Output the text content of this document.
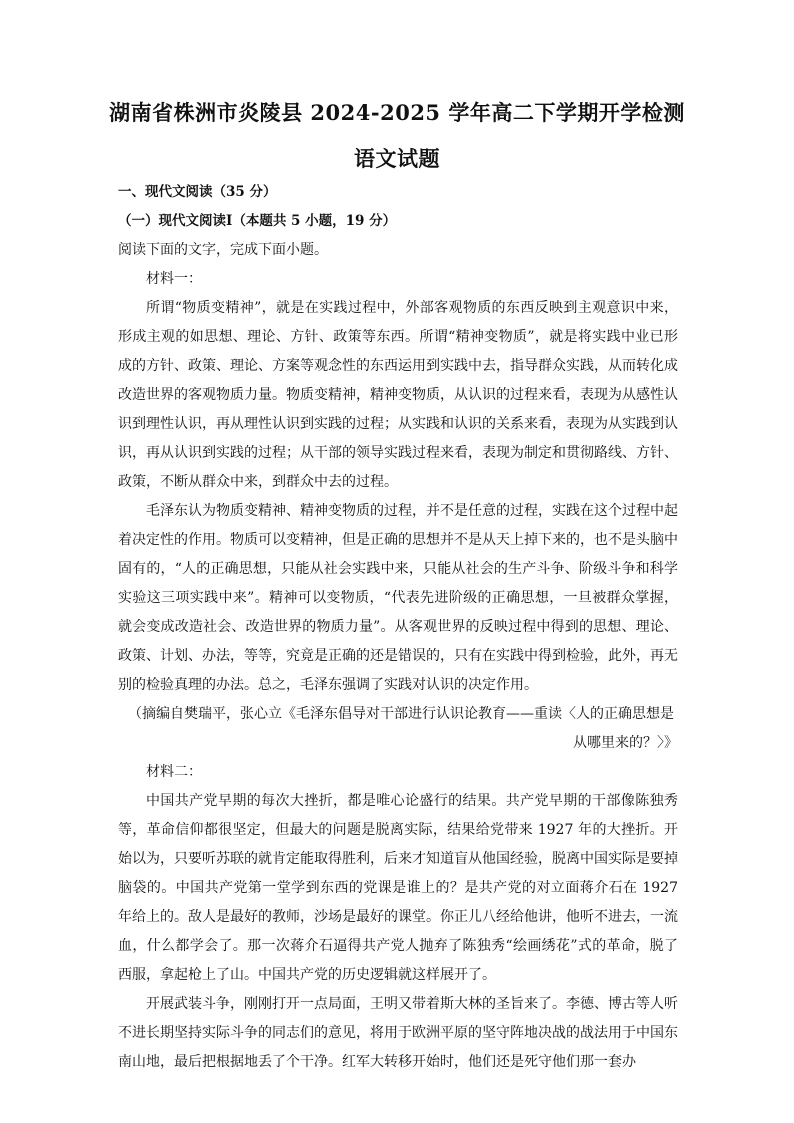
湖南省株洲市炎陵县 2024-2025 学年高二下学期开学检测
语文试题

一、现代文阅读（35 分）

（一）现代文阅读Ⅰ（本题共 5 小题，19 分）

阅读下面的文字，完成下面小题。

材料一：

所谓“物质变精神”，就是在实践过程中，外部客观物质的东西反映到主观意识中来，形成主观的如思想、理论、方针、政策等东西。所谓“精神变物质”，就是将实践中业已形成的方针、政策、理论、方案等观念性的东西运用到实践中去，指导群众实践，从而转化成改造世界的客观物质力量。物质变精神，精神变物质，从认识的过程来看，表现为从感性认识到理性认识，再从理性认识到实践的过程；从实践和认识的关系来看，表现为从实践到认识，再从认识到实践的过程；从干部的领导实践过程来看，表现为制定和贯彻路线、方针、政策，不断从群众中来，到群众中去的过程。

毛泽东认为物质变精神、精神变物质的过程，并不是任意的过程，实践在这个过程中起着决定性的作用。物质可以变精神，但是正确的思想并不是从天上掉下来的，也不是头脑中固有的，“人的正确思想，只能从社会实践中来，只能从社会的生产斗争、阶级斗争和科学实验这三项实践中来”。精神可以变物质，“代表先进阶级的正确思想，一旦被群众掌握，就会变成改造社会、改造世界的物质力量”。从客观世界的反映过程中得到的思想、理论、政策、计划、办法，等等，究竟是正确的还是错误的，只有在实践中得到检验，此外，再无别的检验真理的办法。总之，毛泽东强调了实践对认识的决定作用。

（摘编自樊瑞平，张心立《毛泽东倡导对干部进行认识论教育——重读〈人的正确思想是

从哪里来的？〉》

材料二：

中国共产党早期的每次大挫折，都是唯心论盛行的结果。共产党早期的干部像陈独秀等，革命信仰都很坚定，但最大的问题是脱离实际，结果给党带来 1927 年的大挫折。开始以为，只要听苏联的就肯定能取得胜利，后来才知道盲从他国经验，脱离中国实际是要掉脑袋的。中国共产党第一堂学到东西的党课是谁上的？是共产党的对立面蒋介石在 1927 年给上的。敌人是最好的教师，沙场是最好的课堂。你正儿八经给他讲，他听不进去，一流血，什么都学会了。那一次蒋介石逼得共产党人抛弃了陈独秀“绘画绣花”式的革命，脱了西服，拿起枪上了山。中国共产党的历史逻辑就这样展开了。

开展武装斗争，刚刚打开一点局面，王明又带着斯大林的圣旨来了。李德、博古等人听不进长期坚持实际斗争的同志们的意见，将用于欧洲平原的坚守阵地决战的战法用于中国东南山地，最后把根据地丢了个干净。红军大转移开始时，他们还是死守他们那一套办
